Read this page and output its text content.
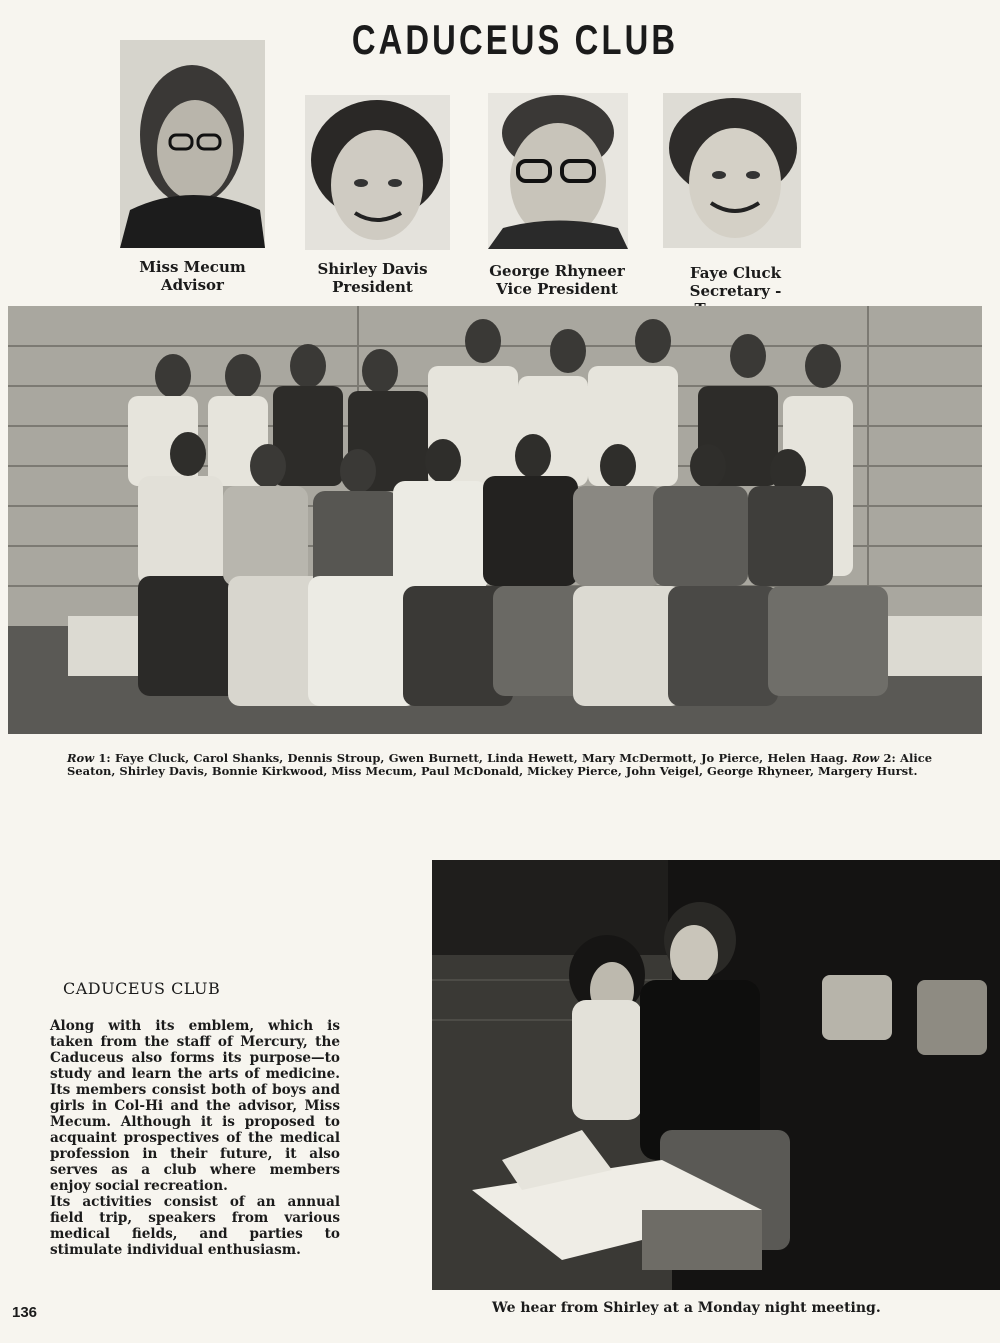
CADUCEUS CLUB
Miss Mecum
Advisor
Shirley Davis
President
George Rhyneer
Vice President
Faye Cluck
Secretary -
Row 1: Faye Cluck, Carol Shanks, Dennis Stroup, Gwen Burnett, Linda Hewett, Mary McDermott, Jo Pierce, Helen Haag. Row 2: Alice Seaton, Shirley Davis, Bonnie Kirkwood, Miss Mecum, Paul McDonald, Mickey Pierce, John Veigel, George Rhyneer, Margery Hurst.
CADUCEUS CLUB

Along with its emblem, which is taken from the staff of Mercury, the Caduceus also forms its purpose—to study and learn the arts of medicine. Its members consist both of boys and girls in Col-Hi and the advisor, Miss Mecum. Although it is proposed to acquaint prospectives of the medical profession in their future, it also serves as a club where members enjoy social recreation.

Its activities consist of an annual field trip, speakers from various medical fields, and parties to stimulate individual enthusiasm.

136	We hear from Shirley at a Monday night meeting.
